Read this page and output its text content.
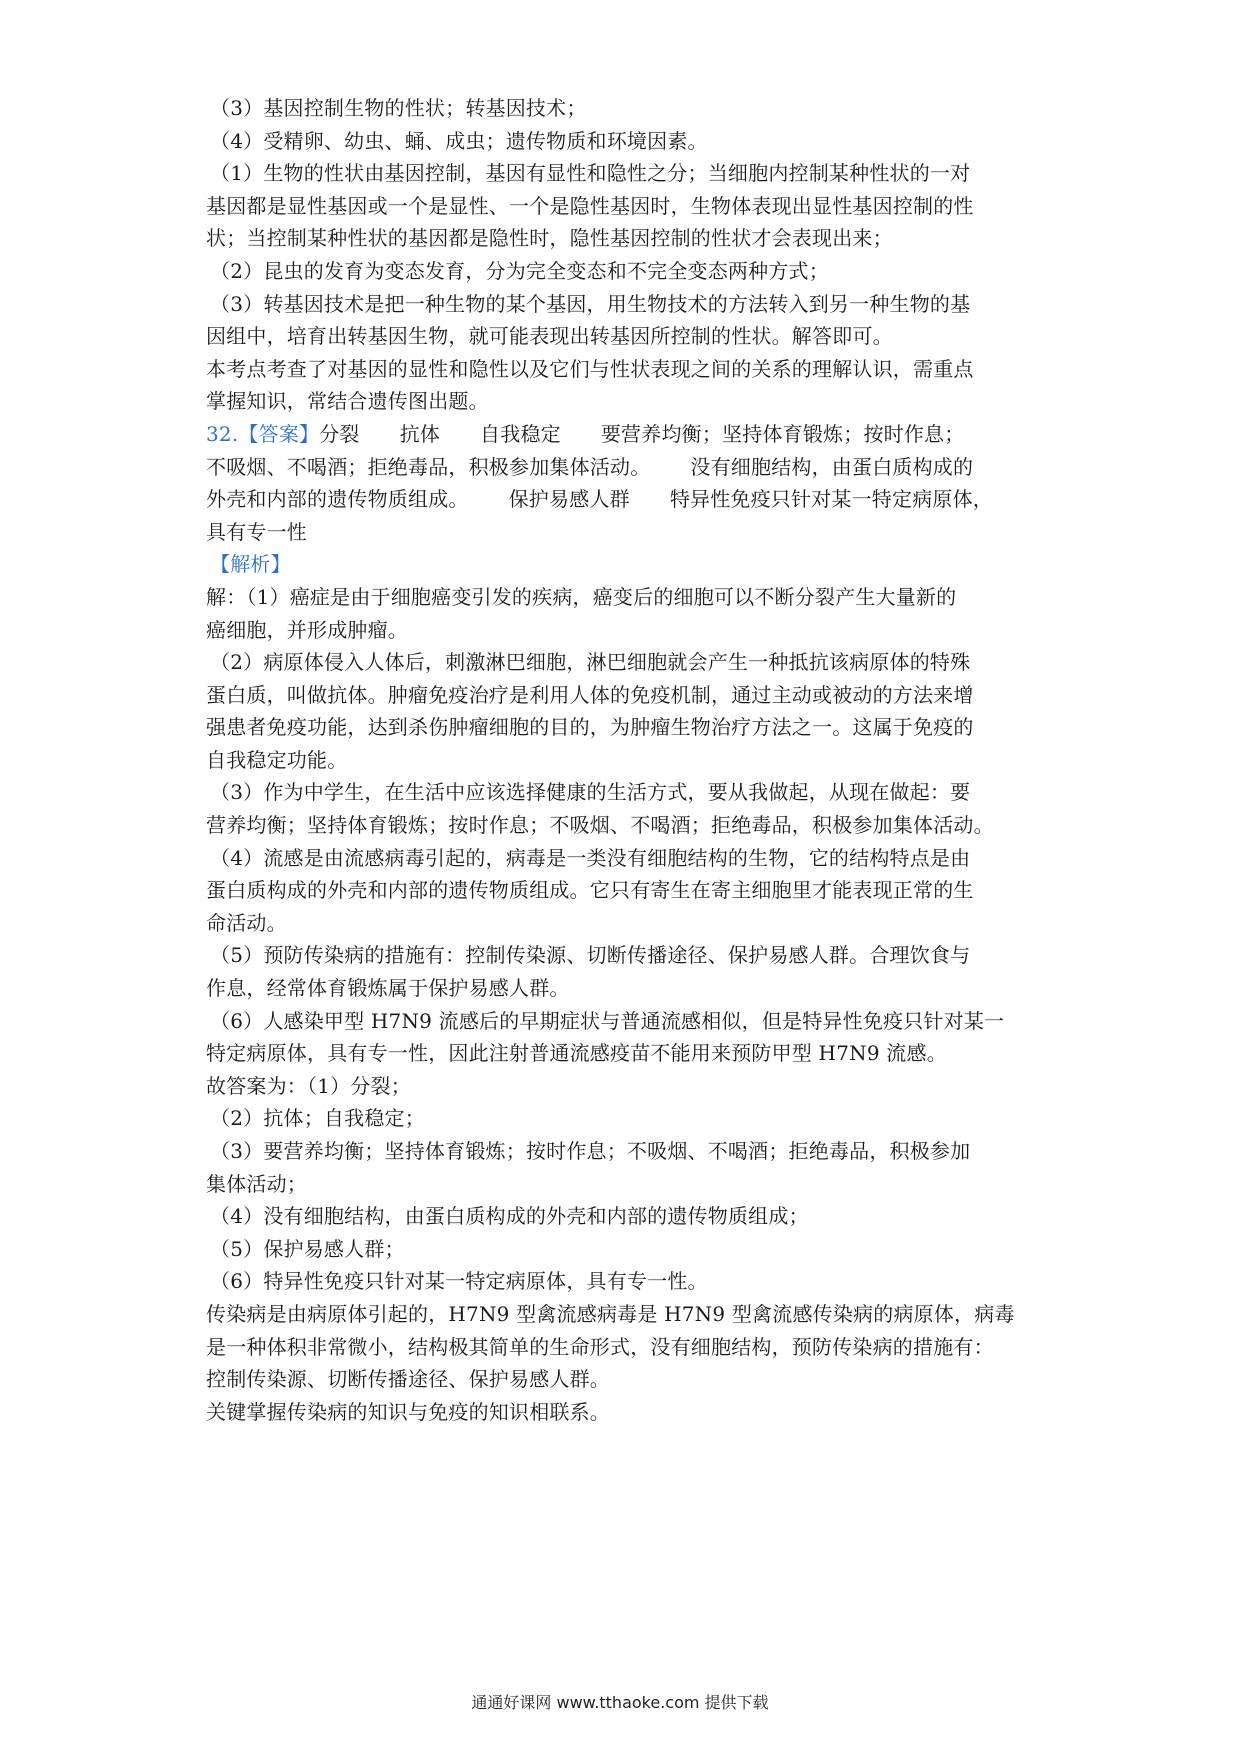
（3）基因控制生物的性状；转基因技术；
（4）受精卵、幼虫、蛹、成虫；遗传物质和环境因素。
（1）生物的性状由基因控制，基因有显性和隐性之分；当细胞内控制某种性状的一对
基因都是显性基因或一个是显性、一个是隐性基因时，生物体表现出显性基因控制的性
状；当控制某种性状的基因都是隐性时，隐性基因控制的性状才会表现出来；
（2）昆虫的发育为变态发育，分为完全变态和不完全变态两种方式；
（3）转基因技术是把一种生物的某个基因，用生物技术的方法转入到另一种生物的基
因组中，培育出转基因生物，就可能表现出转基因所控制的性状。解答即可。
本考点考查了对基因的显性和隐性以及它们与性状表现之间的关系的理解认识，需重点
掌握知识，常结合遗传图出题。
32.【答案】分裂 抗体 自我稳定 要营养均衡；坚持体育锻炼；按时作息；
不吸烟、不喝酒；拒绝毒品，积极参加集体活动。 没有细胞结构，由蛋白质构成的
外壳和内部的遗传物质组成。 保护易感人群 特异性免疫只针对某一特定病原体，
具有专一性
【解析】
解：（1）癌症是由于细胞癌变引发的疾病，癌变后的细胞可以不断分裂产生大量新的
癌细胞，并形成肿瘤。
（2）病原体侵入人体后，刺激淋巴细胞，淋巴细胞就会产生一种抵抗该病原体的特殊
蛋白质，叫做抗体。肿瘤免疫治疗是利用人体的免疫机制，通过主动或被动的方法来增
强患者免疫功能，达到杀伤肿瘤细胞的目的，为肿瘤生物治疗方法之一。这属于免疫的
自我稳定功能。
（3）作为中学生，在生活中应该选择健康的生活方式，要从我做起，从现在做起：要
营养均衡；坚持体育锻炼；按时作息；不吸烟、不喝酒；拒绝毒品，积极参加集体活动。
（4）流感是由流感病毒引起的，病毒是一类没有细胞结构的生物，它的结构特点是由
蛋白质构成的外壳和内部的遗传物质组成。它只有寄生在寄主细胞里才能表现正常的生
命活动。
（5）预防传染病的措施有：控制传染源、切断传播途径、保护易感人群。合理饮食与
作息，经常体育锻炼属于保护易感人群。
（6）人感染甲型 H7N9 流感后的早期症状与普通流感相似，但是特异性免疫只针对某一
特定病原体，具有专一性，因此注射普通流感疫苗不能用来预防甲型 H7N9 流感。
故答案为：（1）分裂；
（2）抗体；自我稳定；
（3）要营养均衡；坚持体育锻炼；按时作息；不吸烟、不喝酒；拒绝毒品，积极参加
集体活动；
（4）没有细胞结构，由蛋白质构成的外壳和内部的遗传物质组成；
（5）保护易感人群；
（6）特异性免疫只针对某一特定病原体，具有专一性。
传染病是由病原体引起的，H7N9 型禽流感病毒是 H7N9 型禽流感传染病的病原体，病毒
是一种体积非常微小，结构极其简单的生命形式，没有细胞结构，预防传染病的措施有：
控制传染源、切断传播途径、保护易感人群。
关键掌握传染病的知识与免疫的知识相联系。
通通好课网 www.tthaoke.com 提供下载
